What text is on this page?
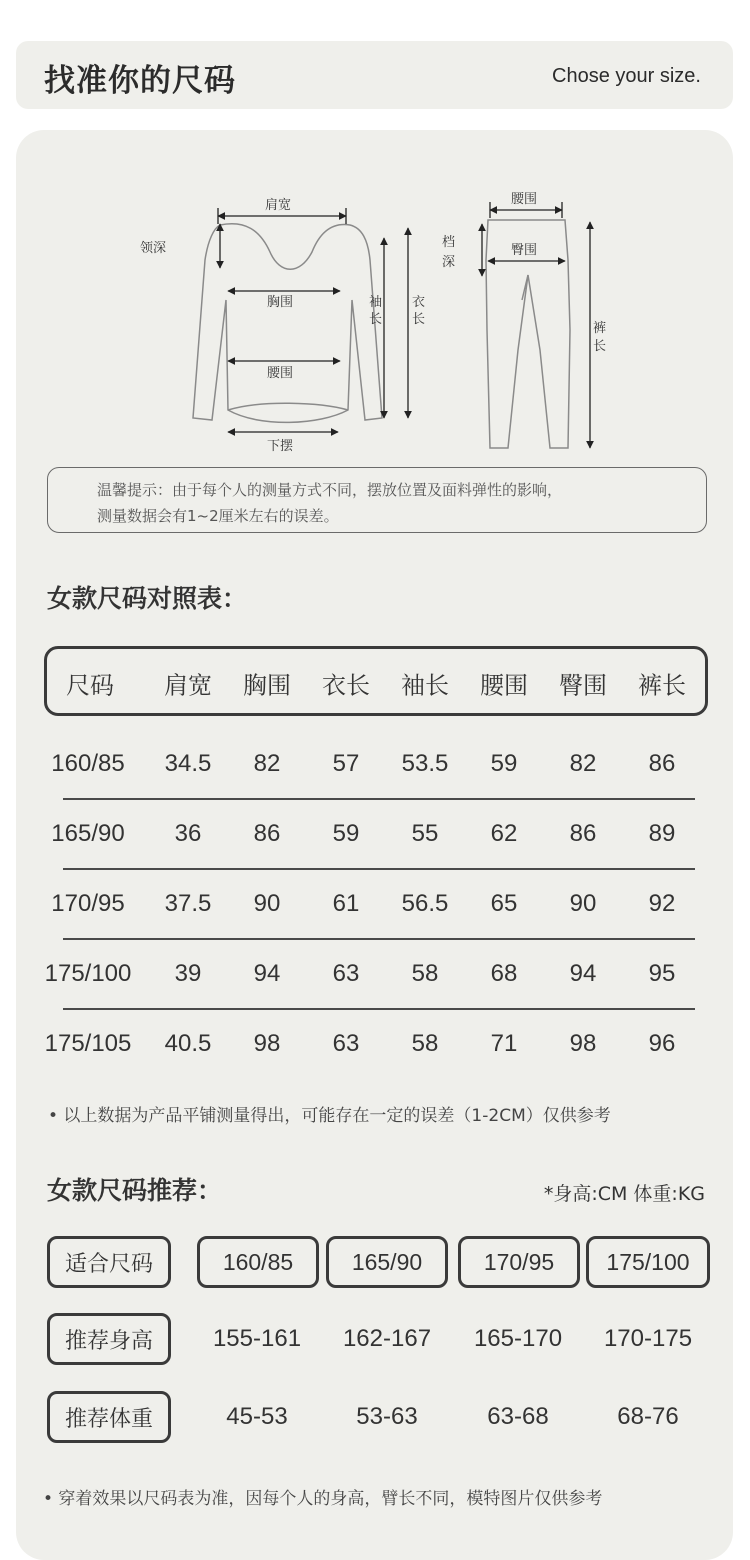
找准你的尺码	Chose your size.
肩宽
领深
胸围
腰围
下摆
袖
长
衣
长
腰围
档
深
臀围
裤
长
温馨提示：由于每个人的测量方式不同，摆放位置及面料弹性的影响，
测量数据会有1~2厘米左右的误差。
女款尺码对照表：
尺码 肩宽 胸围 衣长 袖长 腰围 臀围 裤长
160/85 34.5 82 57 53.5 59 82 86
165/90 36 86 59 55 62 86 89
170/95 37.5 90 61 56.5 65 90 92
175/100 39 94 63 58 68 94 95
175/105 40.5 98 63 58 71 98 96
• 以上数据为产品平铺测量得出，可能存在一定的误差（1-2CM）仅供参考
女款尺码推荐：	*身高:CM 体重:KG
适合尺码	160/85	165/90	170/95	175/100
推荐身高	155-161 162-167 165-170 170-175
推荐体重	45-53	53-63	63-68	68-76
• 穿着效果以尺码表为准，因每个人的身高，臂长不同，模特图片仅供参考
